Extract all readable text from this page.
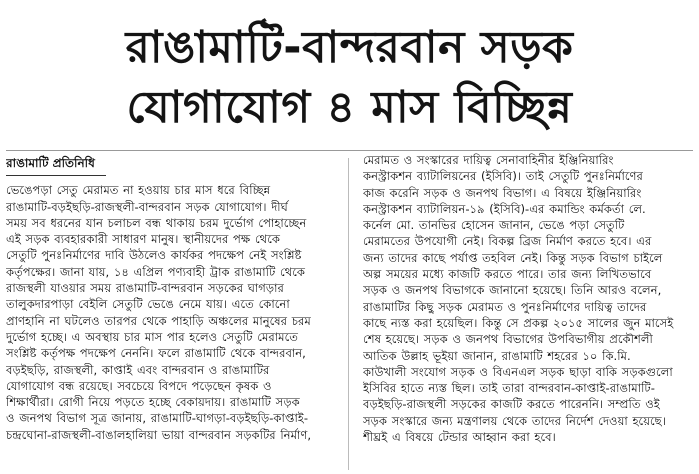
রাঙামাটি-বান্দরবান সড়ক
যোগাযোগ ৪ মাস বিচ্ছিন্ন
রাঙামাটি প্রতিনিধি
ভেঙেপড়া সেতু মেরামত না হওয়ায় চার মাস ধরে বিচ্ছিন্ন
রাঙামাটি-বড়ইছড়ি-রাজস্থলী-বান্দরবান সড়ক যোগাযোগ। দীর্ঘ
সময় সব ধরনের যান চলাচল বন্ধ থাকায় চরম দুর্ভোগ পোহাচ্ছেন
এই সড়ক ব্যবহারকারী সাধারণ মানুষ। স্থানীয়দের পক্ষ থেকে
সেতুটি পুনঃনির্মাণের দাবি উঠলেও কার্যকর পদক্ষেপ নেই সংশ্লিষ্ট
কর্তৃপক্ষের। জানা যায়, ১৪ এপ্রিল পণ্যবাহী ট্রাক রাঙামাটি থেকে
রাজস্থলী যাওয়ার সময় রাঙামাটি-বান্দরবান সড়কের ঘাগড়ার
তালুকদারপাড়া বেইলি সেতুটি ভেঙে নেমে যায়। এতে কোনো
প্রাণহানি না ঘটলেও তারপর থেকে পাহাড়ি অঞ্চলের মানুষের চরম
দুর্ভোগ হচ্ছে। এ অবস্থায় চার মাস পার হলেও সেতুটি মেরামতে
সংশ্লিষ্ট কর্তৃপক্ষ পদক্ষেপ নেননি। ফলে রাঙামাটি থেকে বান্দরবান,
বড়ইছড়ি, রাজস্থলী, কাপ্তাই এবং বান্দরবান ও রাঙামাটির
যোগাযোগ বন্ধ রয়েছে। সবচেয়ে বিপদে পড়েছেন কৃষক ও
শিক্ষার্থীরা। রোগী নিয়ে পড়তে হচ্ছে বেকায়দায়। রাঙামাটি সড়ক
ও জনপথ বিভাগ সূত্র জানায়, রাঙামাটি-ঘাগড়া-বড়ইছড়ি-কাপ্তাই-
চন্দ্রঘোনা-রাজস্থলী-বাঙালহালিয়া ভায়া বান্দরবান সড়কটির নির্মাণ,
মেরামত ও সংস্কারের দায়িত্ব সেনাবাহিনীর ইঞ্জিনিয়ারিং
কনস্ট্রাকশন ব্যাটালিয়নের (ইসিবি)। তাই সেতুটি পুনঃনির্মাণের
কাজ করেনি সড়ক ও জনপথ বিভাগ। এ বিষয়ে ইঞ্জিনিয়ারিং
কনস্ট্রাকশন ব্যাটালিয়ন-১৯ (ইসিবি)-এর কমান্ডিং কর্মকর্তা লে.
কর্নেল মো. তানভির হোসেন জানান, ভেঙে পড়া সেতুটি
মেরামতের উপযোগী নেই। বিকল্প ব্রিজ নির্মাণ করতে হবে। এর
জন্য তাদের কাছে পর্যাপ্ত তহবিল নেই। কিন্তু সড়ক বিভাগ চাইলে
অল্প সময়ের মধ্যে কাজটি করতে পারে। তার জন্য লিখিতভাবে
সড়ক ও জনপথ বিভাগকে জানানো হয়েছে। তিনি আরও বলেন,
রাঙামাটির কিছু সড়ক মেরামত ও পুনঃনির্মাণের দায়িত্ব তাদের
কাছে ন্যস্ত করা হয়েছিল। কিন্তু সে প্রকল্প ২০১৫ সালের জুন মাসেই
শেষ হয়েছে। সড়ক ও জনপথ বিভাগের উপবিভাগীয় প্রকৌশলী
আতিক উল্লাহ ভূইয়া জানান, রাঙামাটি শহরের ১০ কি.মি.
কাউখালী সংযোগ সড়ক ও বিএনএল সড়ক ছাড়া বাকি সড়কগুলো
ইসিবির হাতে ন্যস্ত ছিল। তাই তারা বান্দরবান-কাপ্তাই-রাঙামাটি-
বড়ইছড়ি-রাজস্থলী সড়কের কাজটি করতে পারেননি। সম্প্রতি ওই
সড়ক সংস্কারে জন্য মন্ত্রণালয় থেকে তাদের নির্দেশ দেওয়া হয়েছে।
শীঘ্রই এ বিষয়ে টেন্ডার আহ্বান করা হবে।
